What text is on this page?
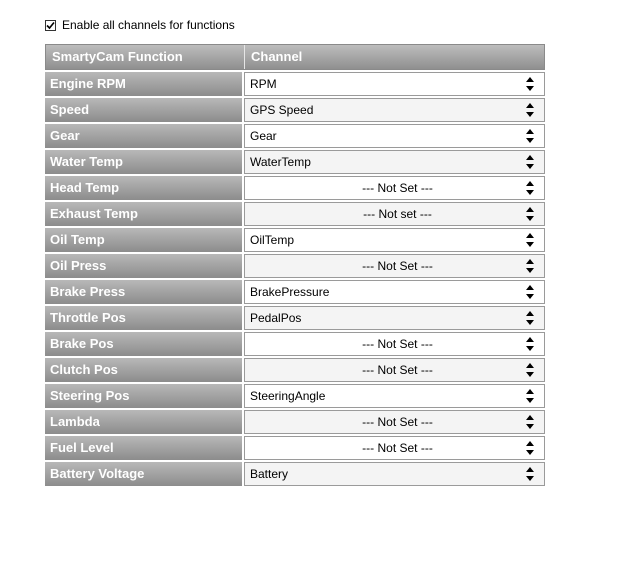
Enable all channels for functions
SmartyCam Function	Channel
Engine RPM	RPM
Speed	GPS Speed
Gear	Gear
Water Temp	WaterTemp
Head Temp	--- Not Set ---
Exhaust Temp	--- Not set ---
Oil Temp	OilTemp
Oil Press	--- Not Set ---
Brake Press	BrakePressure
Throttle Pos	PedalPos
Brake Pos	--- Not Set ---
Clutch Pos	--- Not Set ---
Steering Pos	SteeringAngle
Lambda	--- Not Set ---
Fuel Level	--- Not Set ---
Battery Voltage	Battery
